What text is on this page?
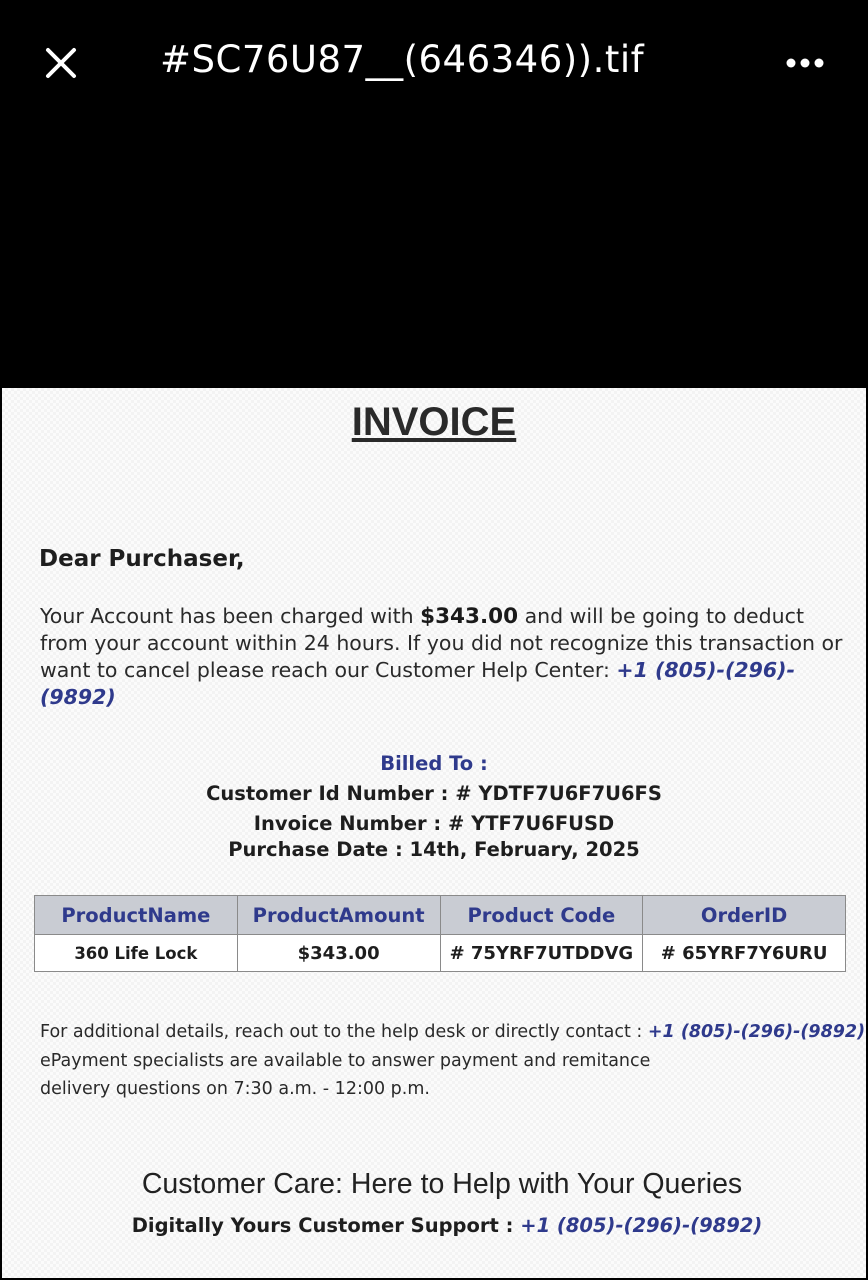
#SC76U87__(646346)).tif
INVOICE
Dear Purchaser,
Your Account has been charged with $343.00 and will be going to deduct from your account within 24 hours. If you did not recognize this transaction or want to cancel please reach our Customer Help Center: +1 (805)-(296)-(9892)
Billed To :
Customer Id Number : # YDTF7U6F7U6FS
Invoice Number : # YTF7U6FUSD
Purchase Date : 14th, February, 2025
ProductName	ProductAmount	Product Code	OrderID
360 Life Lock	$343.00	# 75YRF7UTDDVG	# 65YRF7Y6URU
For additional details, reach out to the help desk or directly contact : +1 (805)-(296)-(9892)
ePayment specialists are available to answer payment and remitance
delivery questions on 7:30 a.m. - 12:00 p.m.
Customer Care: Here to Help with Your Queries
Digitally Yours Customer Support : +1 (805)-(296)-(9892)
